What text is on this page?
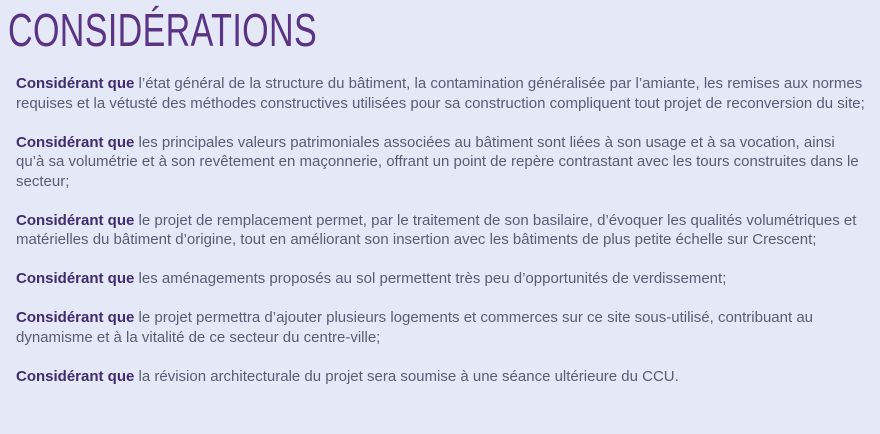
CONSIDÉRATIONS

Considérant que l’état général de la structure du bâtiment, la contamination généralisée par l’amiante, les remises aux normes requises et la vétusté des méthodes constructives utilisées pour sa construction compliquent tout projet de reconversion du site;

Considérant que les principales valeurs patrimoniales associées au bâtiment sont liées à son usage et à sa vocation, ainsi qu’à sa volumétrie et à son revêtement en maçonnerie, offrant un point de repère contrastant avec les tours construites dans le secteur;

Considérant que le projet de remplacement permet, par le traitement de son basilaire, d’évoquer les qualités volumétriques et matérielles du bâtiment d’origine, tout en améliorant son insertion avec les bâtiments de plus petite échelle sur Crescent;

Considérant que les aménagements proposés au sol permettent très peu d’opportunités de verdissement;

Considérant que le projet permettra d’ajouter plusieurs logements et commerces sur ce site sous-utilisé, contribuant au dynamisme et à la vitalité de ce secteur du centre-ville;

Considérant que la révision architecturale du projet sera soumise à une séance ultérieure du CCU.
